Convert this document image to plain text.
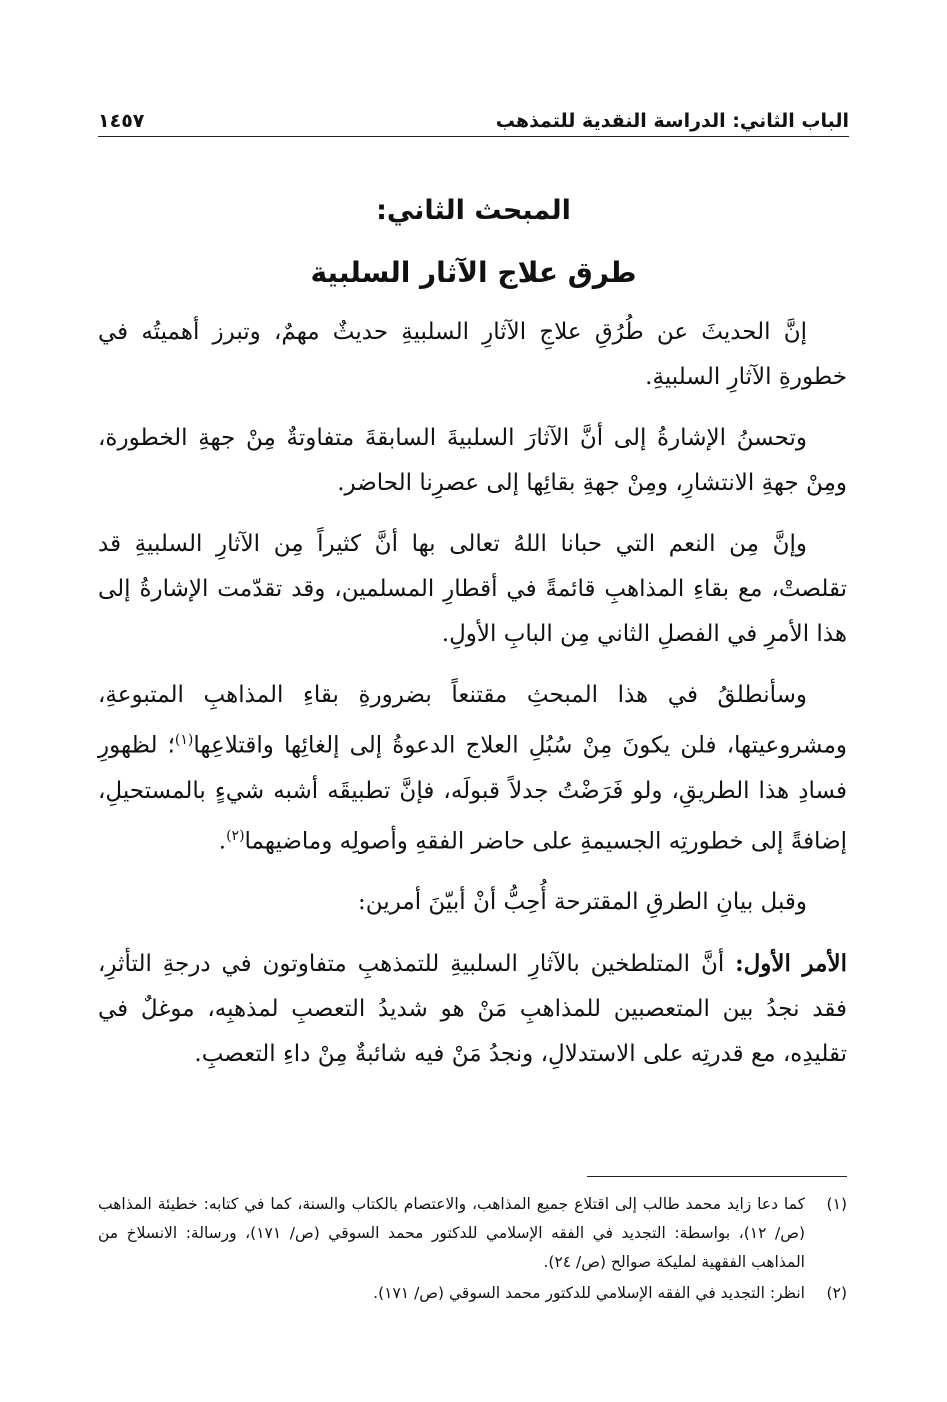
الباب الثاني: الدراسة النقدية للتمذهب
١٤٥٧
المبحث الثاني:
طرق علاج الآثار السلبية

إنَّ الحديثَ عن طُرُقِ علاجِ الآثارِ السلبيةِ حديثٌ مهمٌ، وتبرز أهميتُه في خطورةِ الآثارِ السلبيةِ.

وتحسنُ الإشارةُ إلى أنَّ الآثارَ السلبيةَ السابقةَ متفاوتةٌ مِنْ جهةِ الخطورة، ومِنْ جهةِ الانتشارِ، ومِنْ جهةِ بقائِها إلى عصرِنا الحاضر.

وإنَّ مِن النعم التي حبانا اللهُ تعالى بها أنَّ كثيراً مِن الآثارِ السلبيةِ قد تقلصتْ، مع بقاءِ المذاهبِ قائمةً في أقطارِ المسلمين، وقد تقدّمت الإشارةُ إلى هذا الأمرِ في الفصلِ الثاني مِن البابِ الأولِ.

وسأنطلقُ في هذا المبحثِ مقتنعاً بضرورةِ بقاءِ المذاهبِ المتبوعةِ، ومشروعيتها، فلن يكونَ مِنْ سُبُلِ العلاج الدعوةُ إلى إلغائِها واقتلاعِها$^{(١)}$؛ لظهورِ فسادِ هذا الطريقِ، ولو فَرَضْتُ جدلاً قبولَه، فإنَّ تطبيقَه أشبه شيءٍ بالمستحيلِ، إضافةً إلى خطورتِه الجسيمةِ على حاضر الفقهِ وأصولِه وماضيهما$^{(٢)}$.

وقبل بيانِ الطرقِ المقترحة أُحِبُّ أنْ أبيّنَ أمرين:

الأمر الأول: أنَّ المتلطخين بالآثارِ السلبيةِ للتمذهبِ متفاوتون في درجةِ التأثرِ، فقد نجدُ بين المتعصبين للمذاهبِ مَنْ هو شديدُ التعصبِ لمذهبِه، موغلٌ في تقليدِه، مع قدرتِه على الاستدلالِ، ونجدُ مَنْ فيه شائبةٌ مِنْ داءِ التعصبِ.

(١)
كما دعا زايد محمد طالب إلى اقتلاع جميع المذاهب، والاعتصام بالكتاب والسنة، كما في كتابه: خطيئة المذاهب (ص/ ١٢)، بواسطة: التجديد في الفقه الإسلامي للدكتور محمد السوقي (ص/ ١٧١)، ورسالة: الانسلاخ من المذاهب الفقهية لمليكة صوالح (ص/ ٢٤).
(٢)
انظر: التجديد في الفقه الإسلامي للدكتور محمد السوقي (ص/ ١٧١).
